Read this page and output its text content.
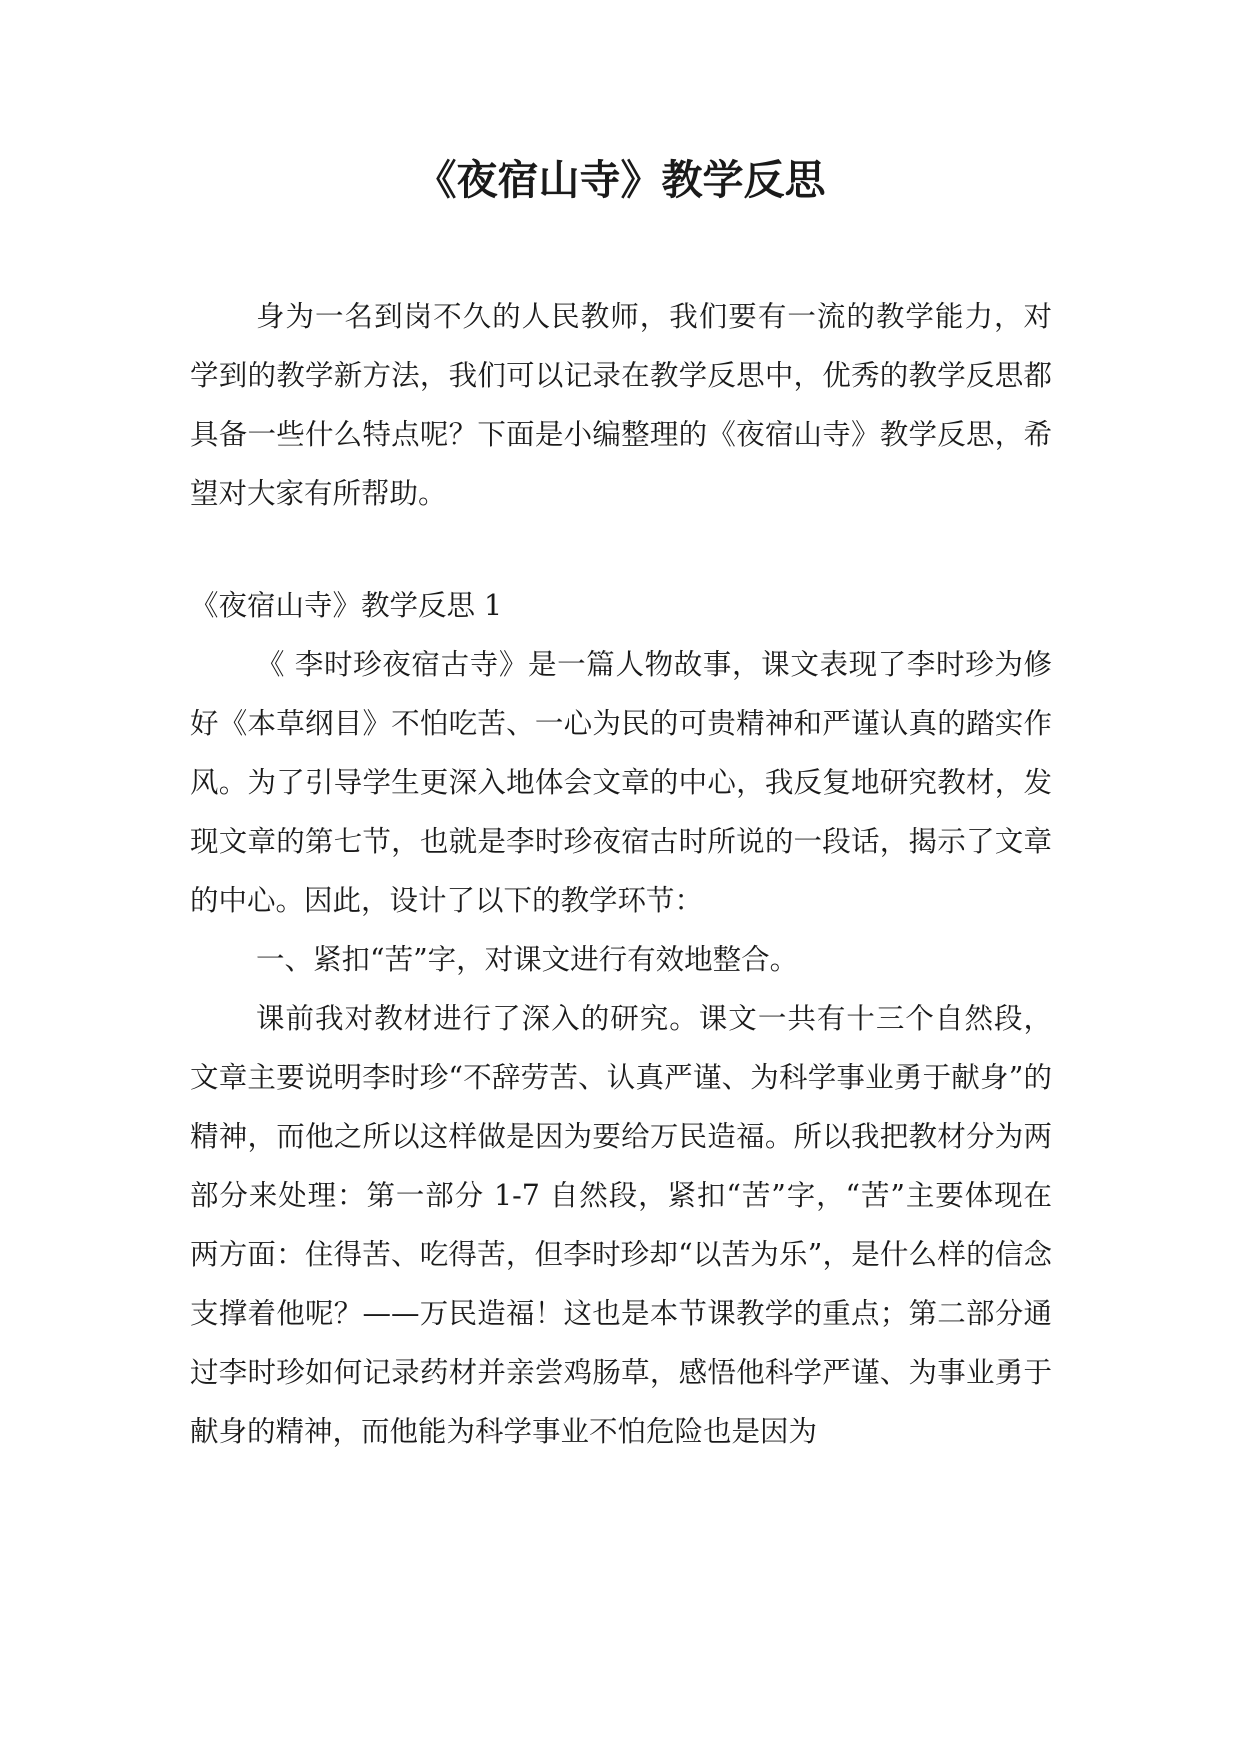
《夜宿山寺》教学反思

身为一名到岗不久的人民教师，我们要有一流的教学能力，对学到的教学新方法，我们可以记录在教学反思中，优秀的教学反思都具备一些什么特点呢？下面是小编整理的《夜宿山寺》教学反思，希望对大家有所帮助。

《夜宿山寺》教学反思 1

《 李时珍夜宿古寺》是一篇人物故事，课文表现了李时珍为修好《本草纲目》不怕吃苦、一心为民的可贵精神和严谨认真的踏实作风。为了引导学生更深入地体会文章的中心，我反复地研究教材，发现文章的第七节，也就是李时珍夜宿古时所说的一段话，揭示了文章的中心。因此，设计了以下的教学环节：

一、紧扣“苦”字，对课文进行有效地整合。

课前我对教材进行了深入的研究。课文一共有十三个自然段，文章主要说明李时珍“不辞劳苦、认真严谨、为科学事业勇于献身”的精神，而他之所以这样做是因为要给万民造福。所以我把教材分为两部分来处理：第一部分 1-7 自然段，紧扣“苦”字，“苦”主要体现在两方面：住得苦、吃得苦，但李时珍却“以苦为乐”，是什么样的信念支撑着他呢？——万民造福！这也是本节课教学的重点；第二部分通过李时珍如何记录药材并亲尝鸡肠草，感悟他科学严谨、为事业勇于献身的精神，而他能为科学事业不怕危险也是因为
